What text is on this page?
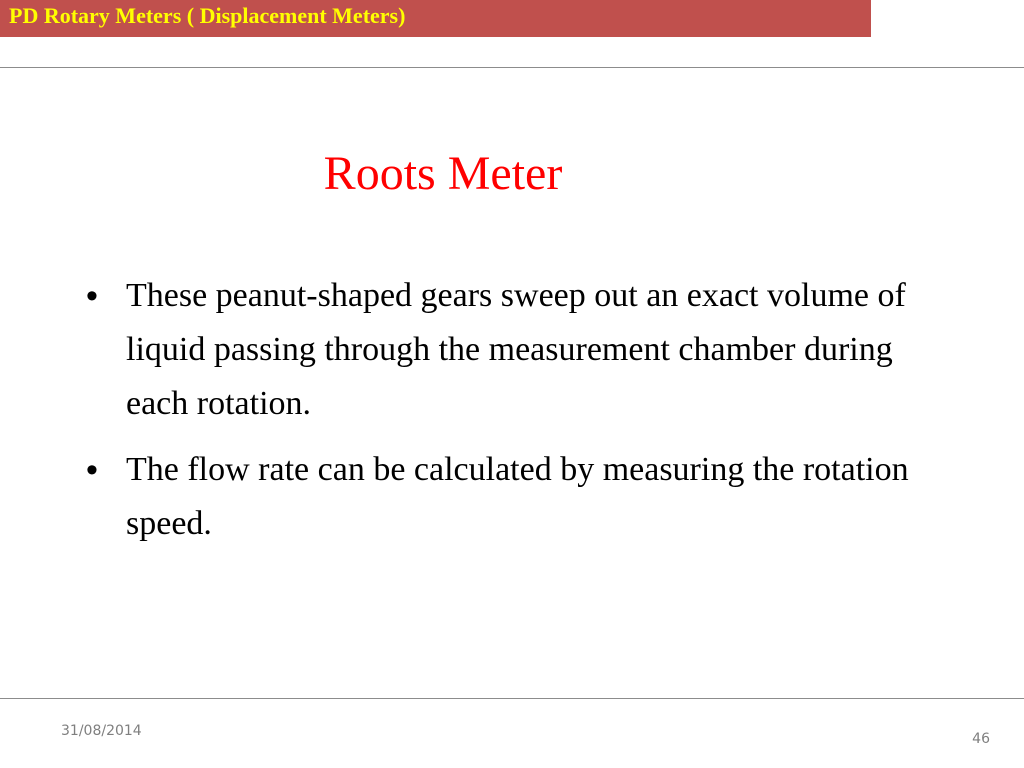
PD Rotary Meters ( Displacement Meters)
Roots Meter
• These peanut-shaped gears sweep out an exact volume of liquid passing through the measurement chamber during each rotation.
• The flow rate can be calculated by measuring the rotation speed.
31/08/2014	46
